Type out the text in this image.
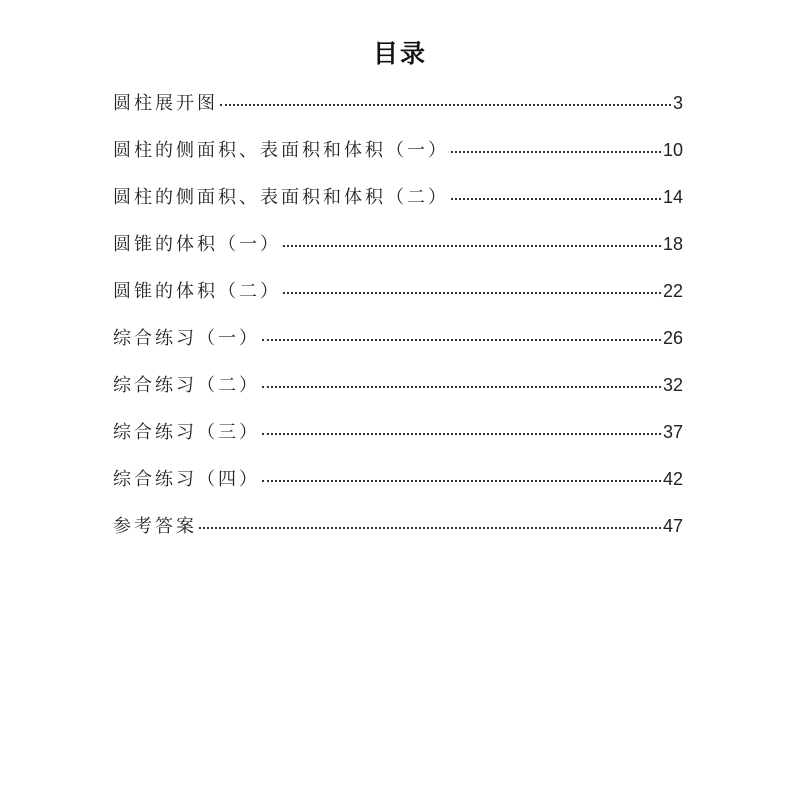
目录
圆柱展开图	3
圆柱的侧面积、表面积和体积（一）	10
圆柱的侧面积、表面积和体积（二）	14
圆锥的体积（一）	18
圆锥的体积（二）	22
综合练习（一）	26
综合练习（二）	32
综合练习（三）	37
综合练习（四）	42
参考答案	47
